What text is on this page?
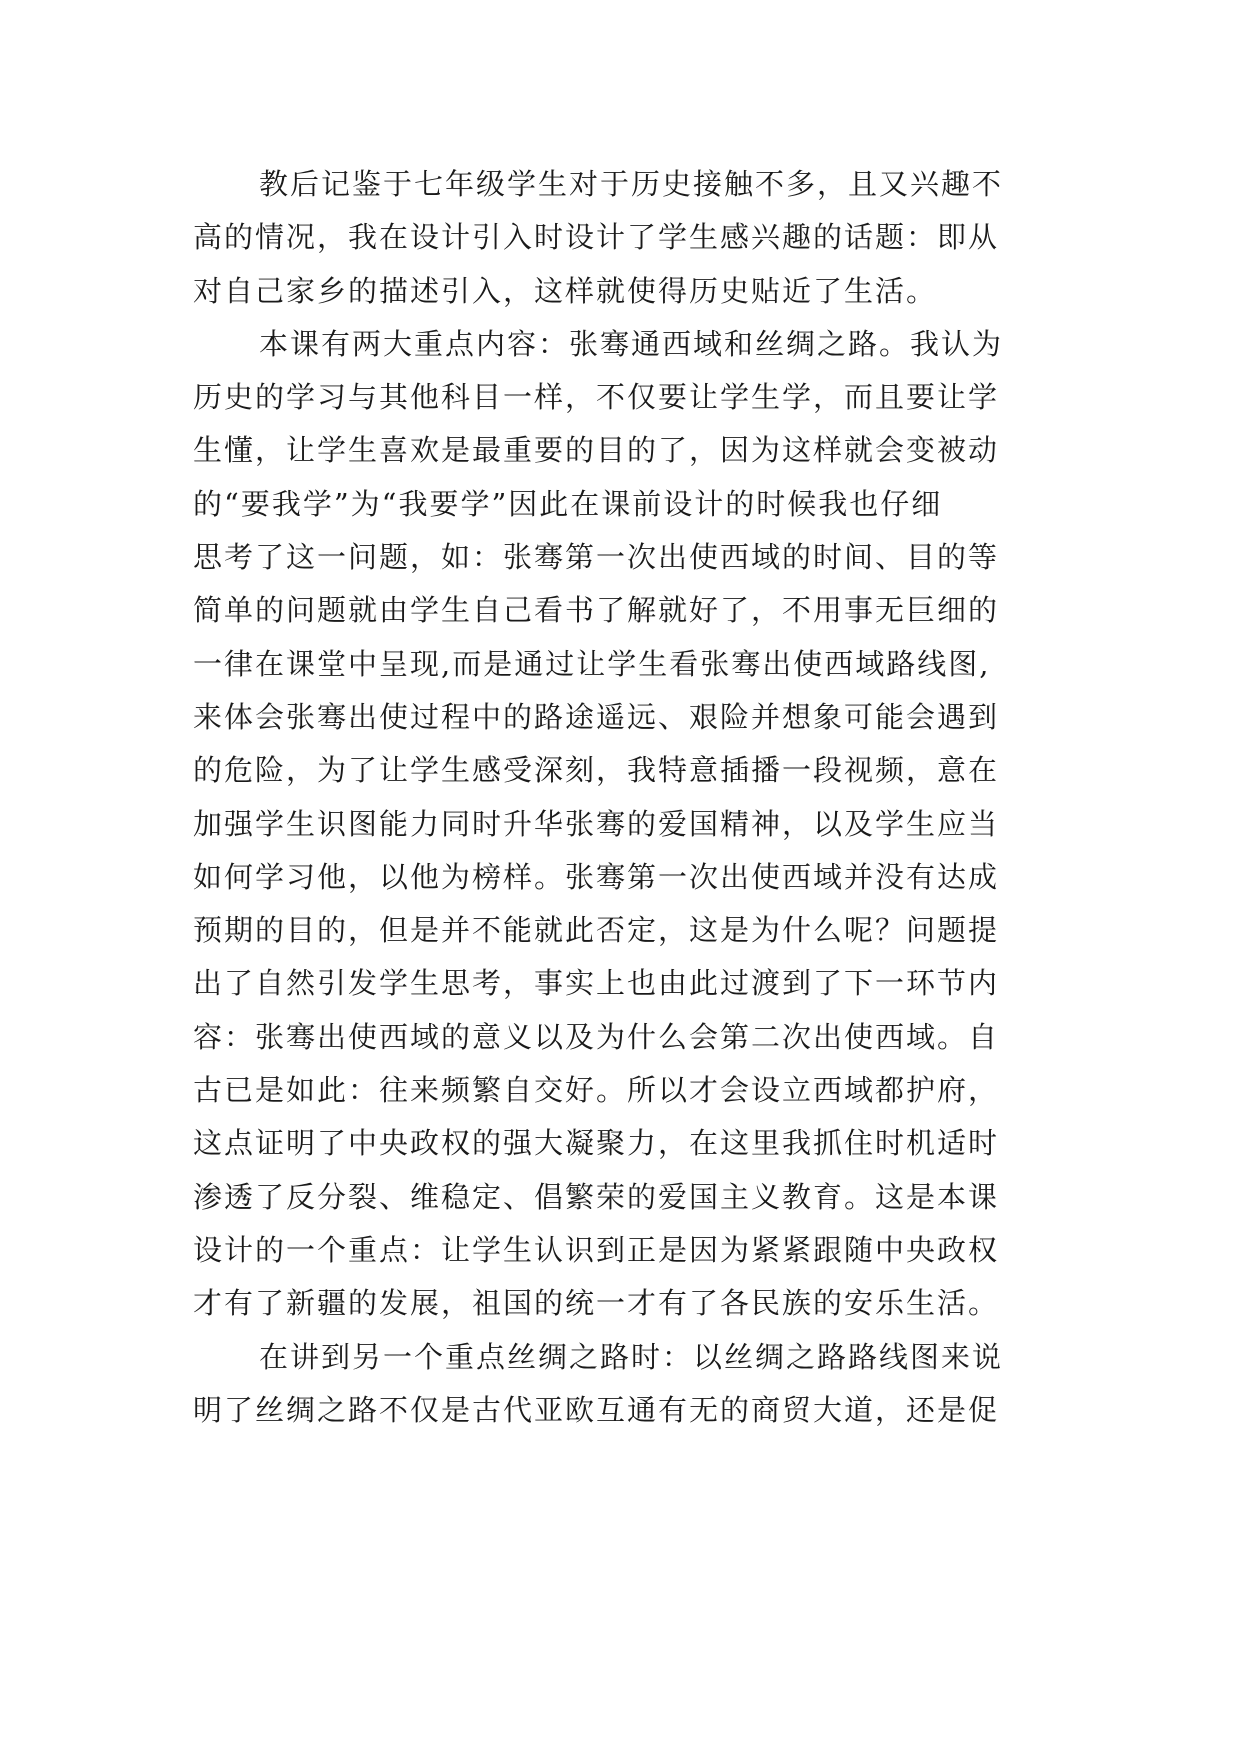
教后记鉴于七年级学生对于历史接触不多，且又兴趣不
高的情况，我在设计引入时设计了学生感兴趣的话题：即从
对自己家乡的描述引入，这样就使得历史贴近了生活。
本课有两大重点内容：张骞通西域和丝绸之路。我认为
历史的学习与其他科目一样，不仅要让学生学，而且要让学
生懂，让学生喜欢是最重要的目的了，因为这样就会变被动
的“要我学”为“我要学”因此在课前设计的时候我也仔细
思考了这一问题，如：张骞第一次出使西域的时间、目的等
简单的问题就由学生自己看书了解就好了，不用事无巨细的
一律在课堂中呈现,而是通过让学生看张骞出使西域路线图,
来体会张骞出使过程中的路途遥远、艰险并想象可能会遇到
的危险，为了让学生感受深刻，我特意插播一段视频，意在
加强学生识图能力同时升华张骞的爱国精神，以及学生应当
如何学习他，以他为榜样。张骞第一次出使西域并没有达成
预期的目的，但是并不能就此否定，这是为什么呢？问题提
出了自然引发学生思考，事实上也由此过渡到了下一环节内
容：张骞出使西域的意义以及为什么会第二次出使西域。自
古已是如此：往来频繁自交好。所以才会设立西域都护府，
这点证明了中央政权的强大凝聚力，在这里我抓住时机适时
渗透了反分裂、维稳定、倡繁荣的爱国主义教育。这是本课
设计的一个重点：让学生认识到正是因为紧紧跟随中央政权
才有了新疆的发展，祖国的统一才有了各民族的安乐生活。
在讲到另一个重点丝绸之路时：以丝绸之路路线图来说
明了丝绸之路不仅是古代亚欧互通有无的商贸大道，还是促
